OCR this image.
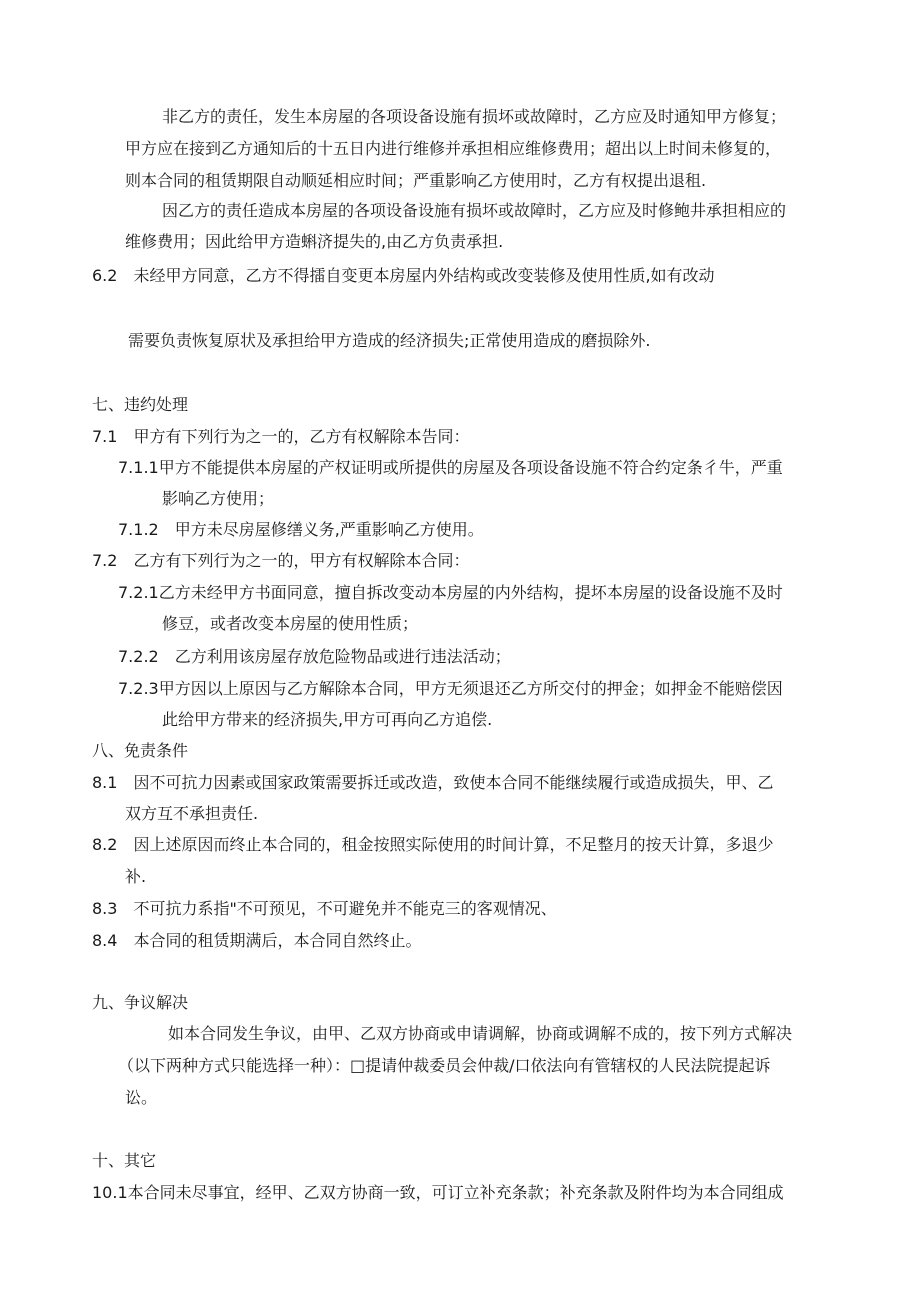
非乙方的责任，发生本房屋的各项设备设施有损坏或故障时，乙方应及时通知甲方修复；
甲方应在接到乙方通知后的十五日内进行维修并承担相应维修费用；超出以上时间未修复的，
则本合同的租赁期限自动顺延相应时间；严重影响乙方使用时，乙方有权提出退租.
因乙方的责任造成本房屋的各项设备设施有损坏或故障时，乙方应及时修鲍井承担相应的
维修费用；因此给甲方造蝌济提失的,由乙方负责承担.
6.2　未经甲方同意，乙方不得擂自变更本房屋内外结构或改变装修及使用性质,如有改动
需要负责恢复原状及承担给甲方造成的经济损失;正常使用造成的磨损除外.
七、违约处理
7.1　甲方有下列行为之一的，乙方有权解除本告同：
7.1.1甲方不能提供本房屋的产权证明或所提供的房屋及各项设备设施不符合约定条彳牛，严重
影响乙方使用；
7.1.2　甲方未尽房屋修缮义务,严重影响乙方使用。
7.2　乙方有下列行为之一的，甲方有权解除本合同：
7.2.1乙方未经甲方书面同意，擅自拆改变动本房屋的内外结构，提坏本房屋的设备设施不及时
修豆，或者改变本房屋的使用性质；
7.2.2　乙方利用该房屋存放危险物品或进行违法活动；
7.2.3甲方因以上原因与乙方解除本合同，甲方无须退还乙方所交付的押金；如押金不能赔偿因
此给甲方带来的经济损失,甲方可再向乙方追偿.
八、免责条件
8.1　因不可抗力因素或国家政策需要拆迁或改造，致使本合同不能继续履行或造成损失，甲、乙
双方互不承担责任.
8.2　因上述原因而终止本合同的，租金按照实际使用的时间计算，不足整月的按天计算，多退少
补.
8.3　不可抗力系指"不可预见，不可避免并不能克三的客观情况、
8.4　本合同的租赁期满后，本合同自然终止。
九、争议解决
如本合同发生争议，由甲、乙双方协商或申请调解，协商或调解不成的，按下列方式解决
（以下两种方式只能选择一种）：□提请仲裁委员会仲裁/口依法向有管辖权的人民法院提起诉
讼。
十、其它
10.1本合同未尽事宜，经甲、乙双方协商一致，可订立补充条款；补充条款及附件均为本合同组成
